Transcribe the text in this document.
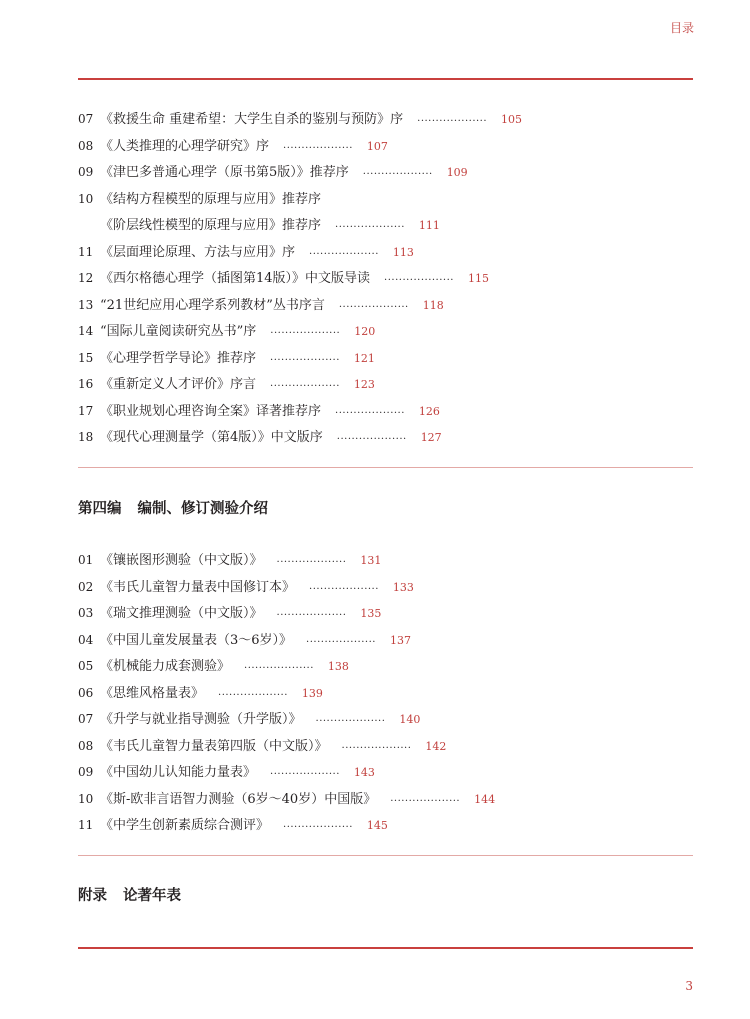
目录
07 《救援生命 重建希望：大学生自杀的鉴别与预防》序 ................... 105
08 《人类推理的心理学研究》序 ................... 107
09 《津巴多普通心理学（原书第5版）》推荐序 ................... 109
10 《结构方程模型的原理与应用》推荐序
《阶层线性模型的原理与应用》推荐序 ................... 111
11 《层面理论原理、方法与应用》序 ................... 113
12 《西尔格德心理学（插图第14版）》中文版导读 ................... 115
13 “21世纪应用心理学系列教材”丛书序言 ................... 118
14 “国际儿童阅读研究丛书”序 ................... 120
15 《心理学哲学导论》推荐序 ................... 121
16 《重新定义人才评价》序言 ................... 123
17 《职业规划心理咨询全案》译著推荐序 ................... 126
18 《现代心理测量学（第4版）》中文版序 ................... 127
第四编 编制、修订测验介绍
01 《镶嵌图形测验（中文版）》 ................... 131
02 《韦氏儿童智力量表中国修订本》 ................... 133
03 《瑞文推理测验（中文版）》 ................... 135
04 《中国儿童发展量表（3～6岁）》 ................... 137
05 《机械能力成套测验》 ................... 138
06 《思维风格量表》 ................... 139
07 《升学与就业指导测验（升学版）》 ................... 140
08 《韦氏儿童智力量表第四版（中文版）》 ................... 142
09 《中国幼儿认知能力量表》 ................... 143
10 《斯-欧非言语智力测验（6岁～40岁）中国版》 ................... 144
11 《中学生创新素质综合测评》 ................... 145
附录 论著年表
3
